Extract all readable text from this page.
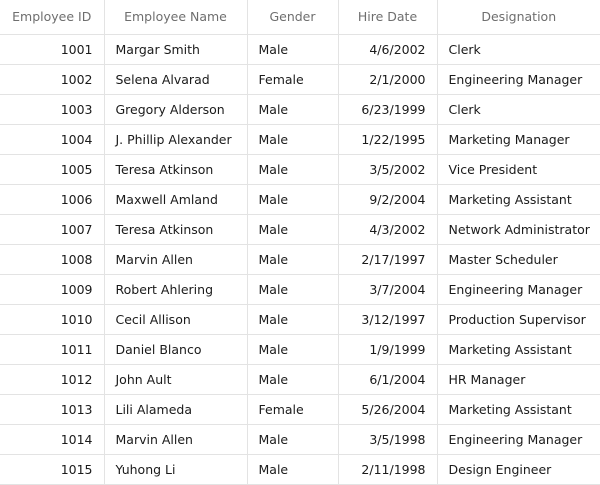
Employee ID	Employee Name	Gender	Hire Date	Designation
1001	Margar Smith	Male	4/6/2002	Clerk
1002	Selena Alvarad	Female	2/1/2000	Engineering Manager
1003	Gregory Alderson	Male	6/23/1999	Clerk
1004	J. Phillip Alexander	Male	1/22/1995	Marketing Manager
1005	Teresa Atkinson	Male	3/5/2002	Vice President
1006	Maxwell Amland	Male	9/2/2004	Marketing Assistant
1007	Teresa Atkinson	Male	4/3/2002	Network Administrator
1008	Marvin Allen	Male	2/17/1997	Master Scheduler
1009	Robert Ahlering	Male	3/7/2004	Engineering Manager
1010	Cecil Allison	Male	3/12/1997	Production Supervisor
1011	Daniel Blanco	Male	1/9/1999	Marketing Assistant
1012	John Ault	Male	6/1/2004	HR Manager
1013	Lili Alameda	Female	5/26/2004	Marketing Assistant
1014	Marvin Allen	Male	3/5/1998	Engineering Manager
1015	Yuhong Li	Male	2/11/1998	Design Engineer
